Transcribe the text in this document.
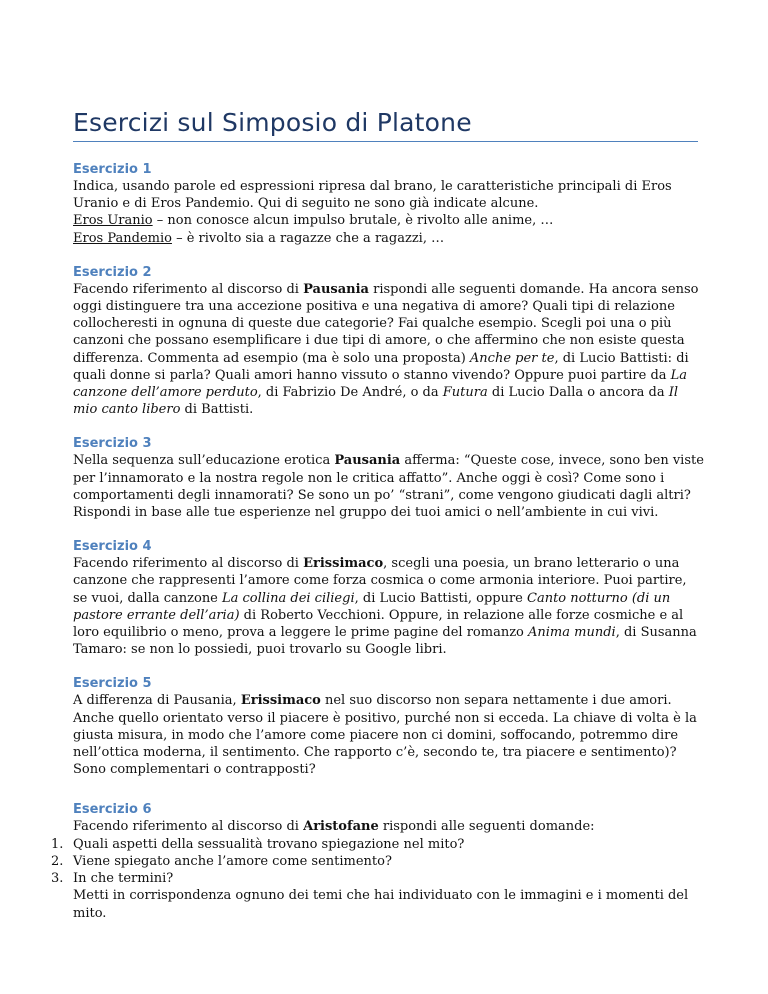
Esercizi sul Simposio di Platone

Esercizio 1

Indica, usando parole ed espressioni ripresa dal brano, le caratteristiche principali di Eros Uranio e di Eros Pandemio. Qui di seguito ne sono già indicate alcune.

Eros Uranio – non conosce alcun impulso brutale, è rivolto alle anime, …

Eros Pandemio – è rivolto sia a ragazze che a ragazzi, …

Esercizio 2

Facendo riferimento al discorso di Pausania rispondi alle seguenti domande. Ha ancora senso oggi distinguere tra una accezione positiva e una negativa di amore? Quali tipi di relazione collocheresti in ognuna di queste due categorie? Fai qualche esempio. Scegli poi una o più canzoni che possano esemplificare i due tipi di amore, o che affermino che non esiste questa differenza. Commenta ad esempio (ma è solo una proposta) Anche per te, di Lucio Battisti: di quali donne si parla? Quali amori hanno vissuto o stanno vivendo? Oppure puoi partire da La canzone dell’amore perduto, di Fabrizio De André, o da Futura di Lucio Dalla o ancora da Il mio canto libero di Battisti.

Esercizio 3

Nella sequenza sull’educazione erotica Pausania afferma: “Queste cose, invece, sono ben viste per l’innamorato e la nostra regole non le critica affatto”. Anche oggi è così? Come sono i comportamenti degli innamorati? Se sono un po’ “strani”, come vengono giudicati dagli altri? Rispondi in base alle tue esperienze nel gruppo dei tuoi amici o nell’ambiente in cui vivi.

Esercizio 4

Facendo riferimento al discorso di Erissimaco, scegli una poesia, un brano letterario o una canzone che rappresenti l’amore come forza cosmica o come armonia interiore. Puoi partire, se vuoi, dalla canzone La collina dei ciliegi, di Lucio Battisti, oppure Canto notturno (di un pastore errante dell’aria) di Roberto Vecchioni. Oppure, in relazione alle forze cosmiche e al loro equilibrio o meno, prova a leggere le prime pagine del romanzo Anima mundi, di Susanna Tamaro: se non lo possiedi, puoi trovarlo su Google libri.

Esercizio 5

A differenza di Pausania, Erissimaco nel suo discorso non separa nettamente i due amori. Anche quello orientato verso il piacere è positivo, purché non si ecceda. La chiave di volta è la giusta misura, in modo che l’amore come piacere non ci domini, soffocando, potremmo dire nell’ottica moderna, il sentimento. Che rapporto c’è, secondo te, tra piacere e sentimento)? Sono complementari o contrapposti?

Esercizio 6

Facendo riferimento al discorso di Aristofane rispondi alle seguenti domande:

1. Quali aspetti della sessualità trovano spiegazione nel mito?
2. Viene spiegato anche l’amore come sentimento?
3. In che termini?

Metti in corrispondenza ognuno dei temi che hai individuato con le immagini e i momenti del mito.
